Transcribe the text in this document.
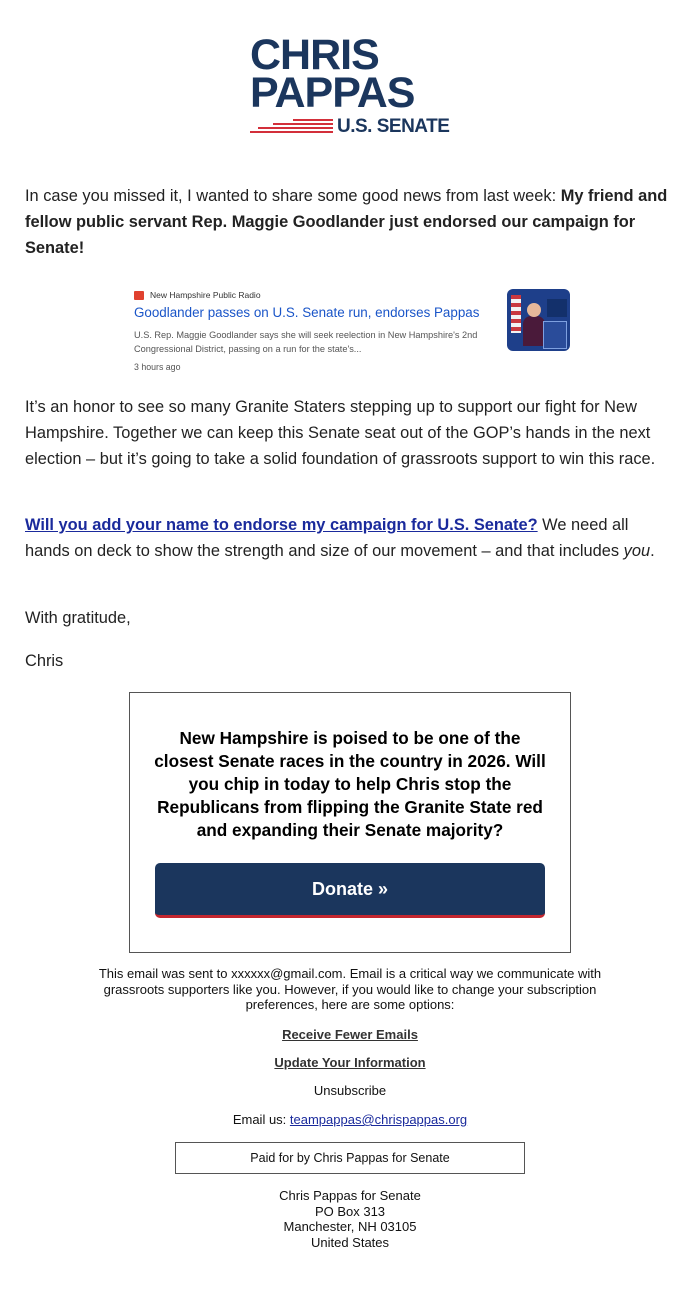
CHRIS
PAPPAS
U.S. SENATE
In case you missed it, I wanted to share some good news from last week: My friend and fellow public servant Rep. Maggie Goodlander just endorsed our campaign for Senate!
New Hampshire Public Radio
Goodlander passes on U.S. Senate run, endorses Pappas
U.S. Rep. Maggie Goodlander says she will seek reelection in New Hampshire's 2nd Congressional District, passing on a run for the state's...
3 hours ago
It’s an honor to see so many Granite Staters stepping up to support our fight for New Hampshire. Together we can keep this Senate seat out of the GOP’s hands in the next election – but it’s going to take a solid foundation of grassroots support to win this race.
Will you add your name to endorse my campaign for U.S. Senate? We need all hands on deck to show the strength and size of our movement – and that includes you.
With gratitude,
Chris
New Hampshire is poised to be one of the closest Senate races in the country in 2026. Will you chip in today to help Chris stop the Republicans from flipping the Granite State red and expanding their Senate majority?
Donate »
This email was sent to xxxxxx@gmail.com. Email is a critical way we communicate with grassroots supporters like you. However, if you would like to change your subscription preferences, here are some options:
Receive Fewer Emails
Update Your Information
Unsubscribe
Email us: teampappas@chrispappas.org
Paid for by Chris Pappas for Senate
Chris Pappas for Senate
PO Box 313
Manchester, NH 03105
United States
